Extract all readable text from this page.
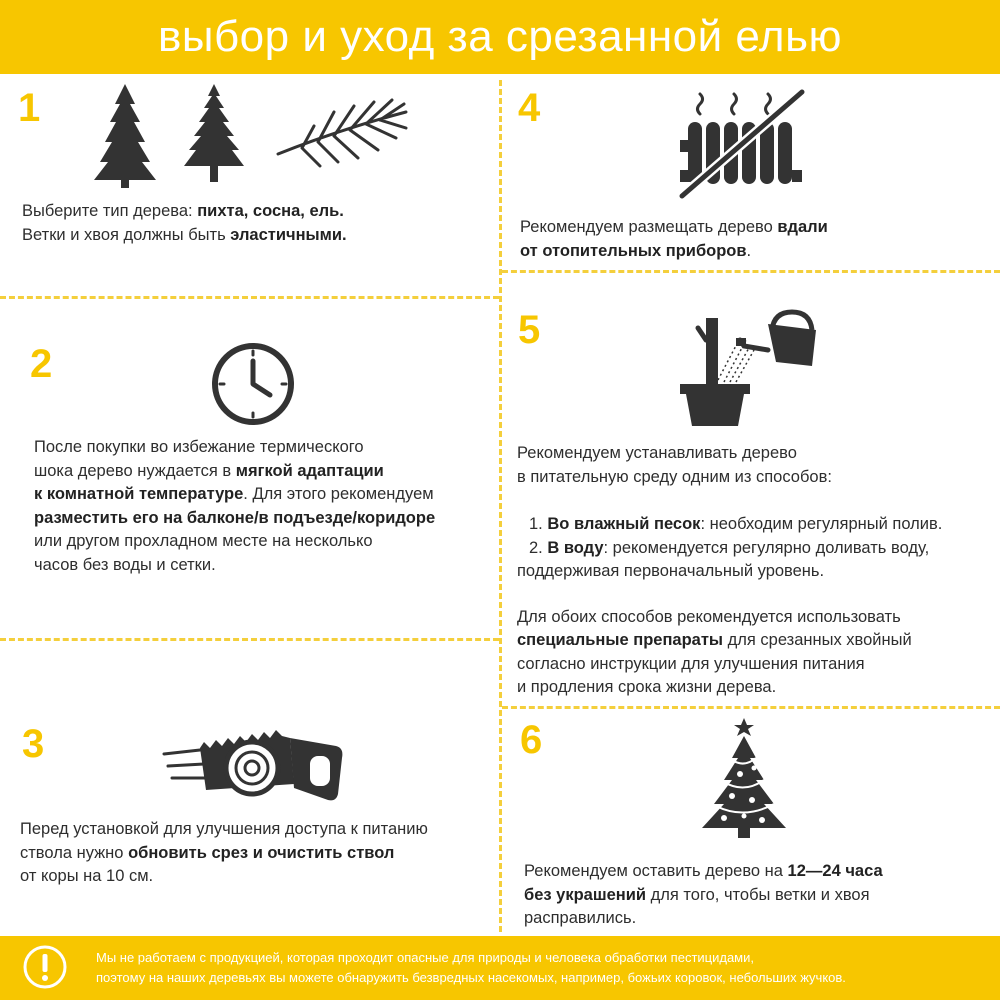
выбор и уход за срезанной елью
1

Выберите тип дерева: пихта, сосна, ель.

Ветки и хвоя должны быть эластичными.

2

После покупки во избежание термического

шока дерево нуждается в мягкой адаптации

к комнатной температуре. Для этого рекомендуем

разместить его на балконе/в подъезде/коридоре

или другом прохладном месте на несколько

часов без воды и сетки.

3

Перед установкой для улучшения доступа к питанию

ствола нужно обновить срез и очистить ствол

от коры на 10 см.

4

Рекомендуем размещать дерево вдали

от отопительных приборов.

5

Рекомендуем устанавливать дерево

в питательную среду одним из способов:

1. Во влажный песок: необходим регулярный полив.

2. В воду: рекомендуется регулярно доливать воду,

поддерживая первоначальный уровень.

Для обоих способов рекомендуется использовать

специальные препараты для срезанных хвойный

согласно инструкции для улучшения питания

и продления срока жизни дерева.

6

Рекомендуем оставить дерево на 12—24 часа

без украшений для того, чтобы ветки и хвоя

расправились.

Мы не работаем с продукцией, которая проходит опасные для природы и человека обработки пестицидами,

поэтому на наших деревьях вы можете обнаружить безвредных насекомых, например, божьих коровок, небольших жучков.
